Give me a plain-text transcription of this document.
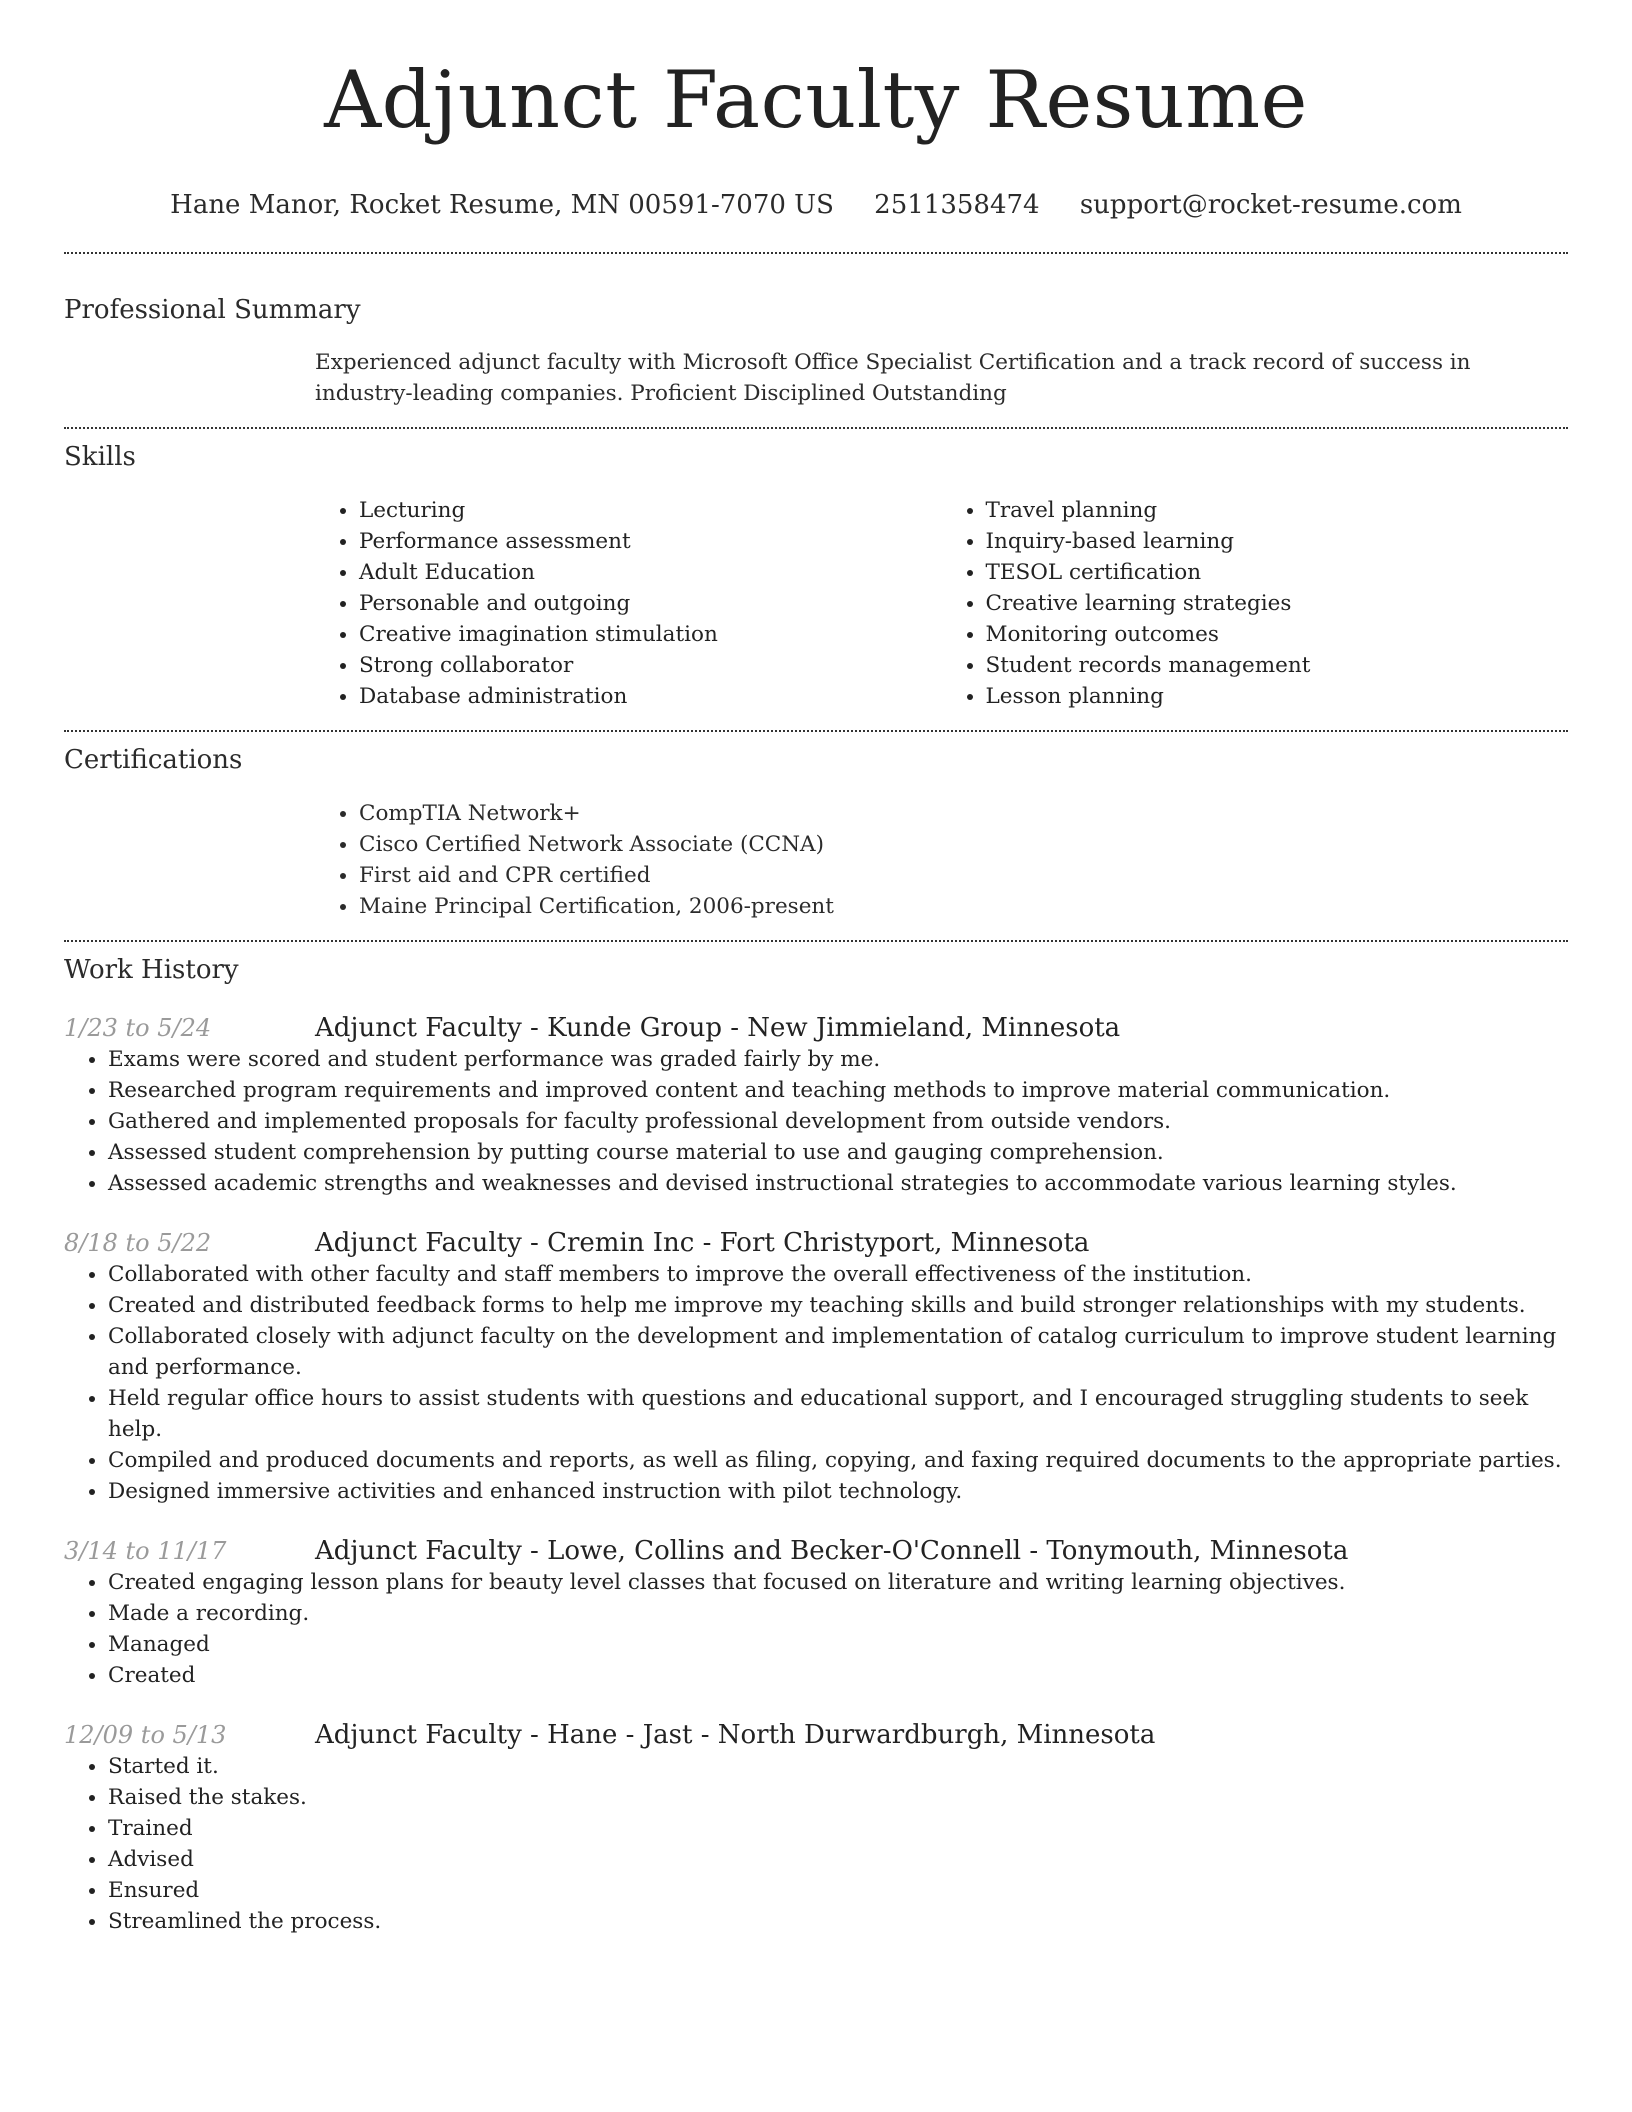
Adjunct Faculty Resume
Hane Manor, Rocket Resume, MN 00591-7070 US 2511358474 support@rocket-resume.com
Professional Summary
Experienced adjunct faculty with Microsoft Office Specialist Certification and a track record of success in industry-leading companies. Proficient Disciplined Outstanding
Skills
• Lecturing
• Performance assessment
• Adult Education
• Personable and outgoing
• Creative imagination stimulation
• Strong collaborator
• Database administration
• Travel planning
• Inquiry-based learning
• TESOL certification
• Creative learning strategies
• Monitoring outcomes
• Student records management
• Lesson planning
Certifications
• CompTIA Network+
• Cisco Certified Network Associate (CCNA)
• First aid and CPR certified
• Maine Principal Certification, 2006-present
Work History
1/23 to 5/24	Adjunct Faculty - Kunde Group - New Jimmieland, Minnesota
• Exams were scored and student performance was graded fairly by me.
• Researched program requirements and improved content and teaching methods to improve material communication.
• Gathered and implemented proposals for faculty professional development from outside vendors.
• Assessed student comprehension by putting course material to use and gauging comprehension.
• Assessed academic strengths and weaknesses and devised instructional strategies to accommodate various learning styles.
8/18 to 5/22	Adjunct Faculty - Cremin Inc - Fort Christyport, Minnesota
• Collaborated with other faculty and staff members to improve the overall effectiveness of the institution.
• Created and distributed feedback forms to help me improve my teaching skills and build stronger relationships with my students.
• Collaborated closely with adjunct faculty on the development and implementation of catalog curriculum to improve student learning and performance.
• Held regular office hours to assist students with questions and educational support, and I encouraged struggling students to seek help.
• Compiled and produced documents and reports, as well as filing, copying, and faxing required documents to the appropriate parties.
• Designed immersive activities and enhanced instruction with pilot technology.
3/14 to 11/17	Adjunct Faculty - Lowe, Collins and Becker-O'Connell - Tonymouth, Minnesota
• Created engaging lesson plans for beauty level classes that focused on literature and writing learning objectives.
• Made a recording.
• Managed
• Created
12/09 to 5/13	Adjunct Faculty - Hane - Jast - North Durwardburgh, Minnesota
• Started it.
• Raised the stakes.
• Trained
• Advised
• Ensured
• Streamlined the process.
